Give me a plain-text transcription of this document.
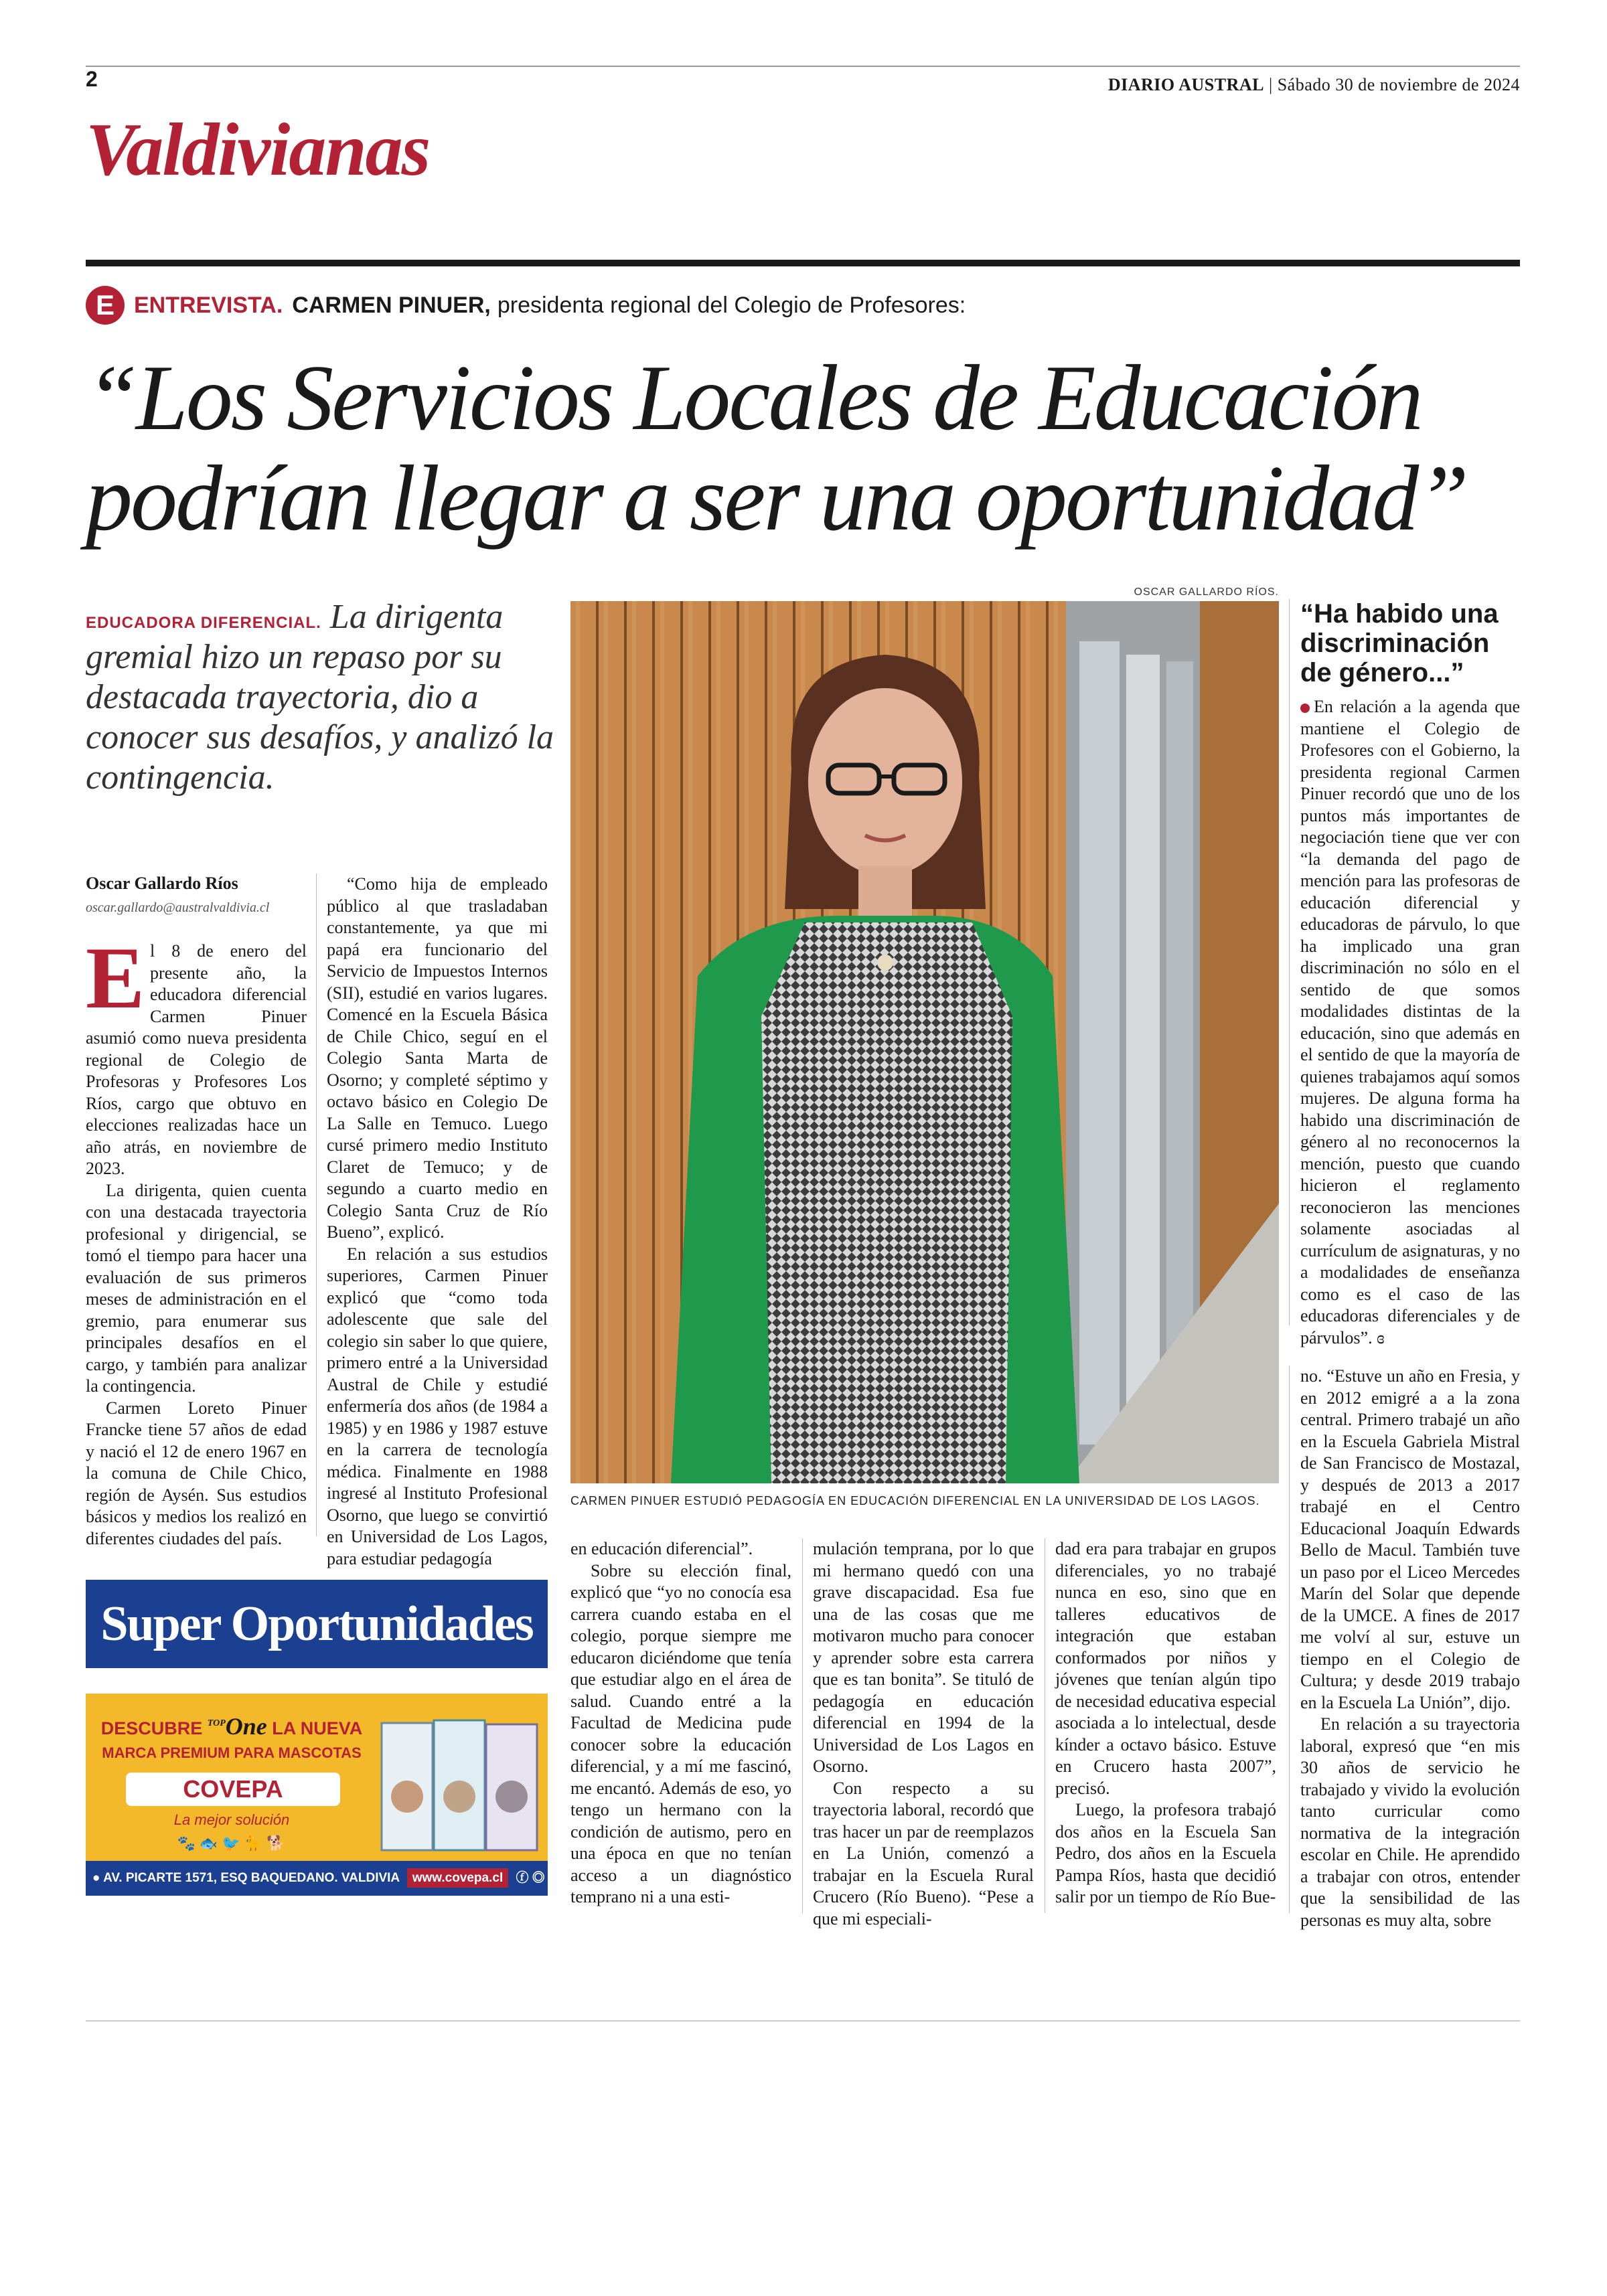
2	DIARIO AUSTRAL | Sábado 30 de noviembre de 2024
Valdivianas
E ENTREVISTA. CARMEN PINUER, presidenta regional del Colegio de Profesores:
“Los Servicios Locales de Educación podrían llegar a ser una oportunidad”
EDUCADORA DIFERENCIAL. La dirigenta gremial hizo un repaso por su destacada trayectoria, dio a conocer sus desafíos, y analizó la contingencia.
Oscar Gallardo Ríos
oscar.gallardo@australvaldivia.cl

El 8 de enero del presente año, la educadora diferencial Carmen Pinuer asumió como nueva presidenta regional de Colegio de Profesoras y Profesores Los Ríos, cargo que obtuvo en elecciones realizadas hace un año atrás, en noviembre de 2023.

La dirigenta, quien cuenta con una destacada trayectoria profesional y dirigencial, se tomó el tiempo para hacer una evaluación de sus primeros meses de administración en el gremio, para enumerar sus principales desafíos en el cargo, y también para analizar la contingencia.

Carmen Loreto Pinuer Francke tiene 57 años de edad y nació el 12 de enero 1967 en la comuna de Chile Chico, región de Aysén. Sus estudios básicos y medios los realizó en diferentes ciudades del país.

“Como hija de empleado público al que trasladaban constantemente, ya que mi papá era funcionario del Servicio de Impuestos Internos (SII), estudié en varios lugares. Comencé en la Escuela Básica de Chile Chico, seguí en el Colegio Santa Marta de Osorno; y completé séptimo y octavo básico en Colegio De La Salle en Temuco. Luego cursé primero medio Instituto Claret de Temuco; y de segundo a cuarto medio en Colegio Santa Cruz de Río Bueno”, explicó.

En relación a sus estudios superiores, Carmen Pinuer explicó que “como toda adolescente que sale del colegio sin saber lo que quiere, primero entré a la Universidad Austral de Chile y estudié enfermería dos años (de 1984 a 1985) y en 1986 y 1987 estuve en la carrera de tecnología médica. Finalmente en 1988 ingresé al Instituto Profesional Osorno, que luego se convirtió en Universidad de Los Lagos, para estudiar pedagogía

OSCAR GALLARDO RÍOS.
CARMEN PINUER ESTUDIÓ PEDAGOGÍA EN EDUCACIÓN DIFERENCIAL EN LA UNIVERSIDAD DE LOS LAGOS.
“Ha habido una discriminación de género...”

En relación a la agenda que mantiene el Colegio de Profesores con el Gobierno, la presidenta regional Carmen Pinuer recordó que uno de los puntos más importantes de negociación tiene que ver con “la demanda del pago de mención para las profesoras de educación diferencial y educadoras de párvulo, lo que ha implicado una gran discriminación no sólo en el sentido de que somos modalidades distintas de la educación, sino que además en el sentido de que la mayoría de quienes trabajamos aquí somos mujeres. De alguna forma ha habido una discriminación de género al no reconocernos la mención, puesto que cuando hicieron el reglamento reconocieron las menciones solamente asociadas al currículum de asignaturas, y no a modalidades de enseñanza como es el caso de las educadoras diferenciales y de párvulos”. ɞ

en educación diferencial”.

Sobre su elección final, explicó que “yo no conocía esa carrera cuando estaba en el colegio, porque siempre me educaron diciéndome que tenía que estudiar algo en el área de salud. Cuando entré a la Facultad de Medicina pude conocer sobre la educación diferencial, y a mí me fascinó, me encantó. Además de eso, yo tengo un hermano con la condición de autismo, pero en una época en que no tenían acceso a un diagnóstico temprano ni a una esti-

mulación temprana, por lo que mi hermano quedó con una grave discapacidad. Esa fue una de las cosas que me motivaron mucho para conocer y aprender sobre esta carrera que es tan bonita”. Se tituló de pedagogía en educación diferencial en 1994 de la Universidad de Los Lagos en Osorno.

Con respecto a su trayectoria laboral, recordó que tras hacer un par de reemplazos en La Unión, comenzó a trabajar en la Escuela Rural Crucero (Río Bueno). “Pese a que mi especiali-

dad era para trabajar en grupos diferenciales, yo no trabajé nunca en eso, sino que en talleres educativos de integración que estaban conformados por niños y jóvenes que tenían algún tipo de necesidad educativa especial asociada a lo intelectual, desde kínder a octavo básico. Estuve en Crucero hasta 2007”, precisó.

Luego, la profesora trabajó dos años en la Escuela San Pedro, dos años en la Escuela Pampa Ríos, hasta que decidió salir por un tiempo de Río Bue-

no. “Estuve un año en Fresia, y en 2012 emigré a a la zona central. Primero trabajé un año en la Escuela Gabriela Mistral de San Francisco de Mostazal, y después de 2013 a 2017 trabajé en el Centro Educacional Joaquín Edwards Bello de Macul. También tuve un paso por el Liceo Mercedes Marín del Solar que depende de la UMCE. A fines de 2017 me volví al sur, estuve un tiempo en el Colegio de Cultura; y desde 2019 trabajo en la Escuela La Unión”, dijo.

En relación a su trayectoria laboral, expresó que “en mis 30 años de servicio he trabajado y vivido la evolución tanto curricular como normativa de la integración escolar en Chile. He aprendido a trabajar con otros, entender que la sensibilidad de las personas es muy alta, sobre

Super Oportunidades
DESCUBRE $^{TOP}$One LA NUEVA
MARCA PREMIUM PARA MASCOTAS
COVEPA
La mejor solución
🐾🐟🐦🐈🐕
● AV. PICARTE 1571, ESQ BAQUEDANO. VALDIVIA www.covepa.cl ⓕ ◎ ⓘ
